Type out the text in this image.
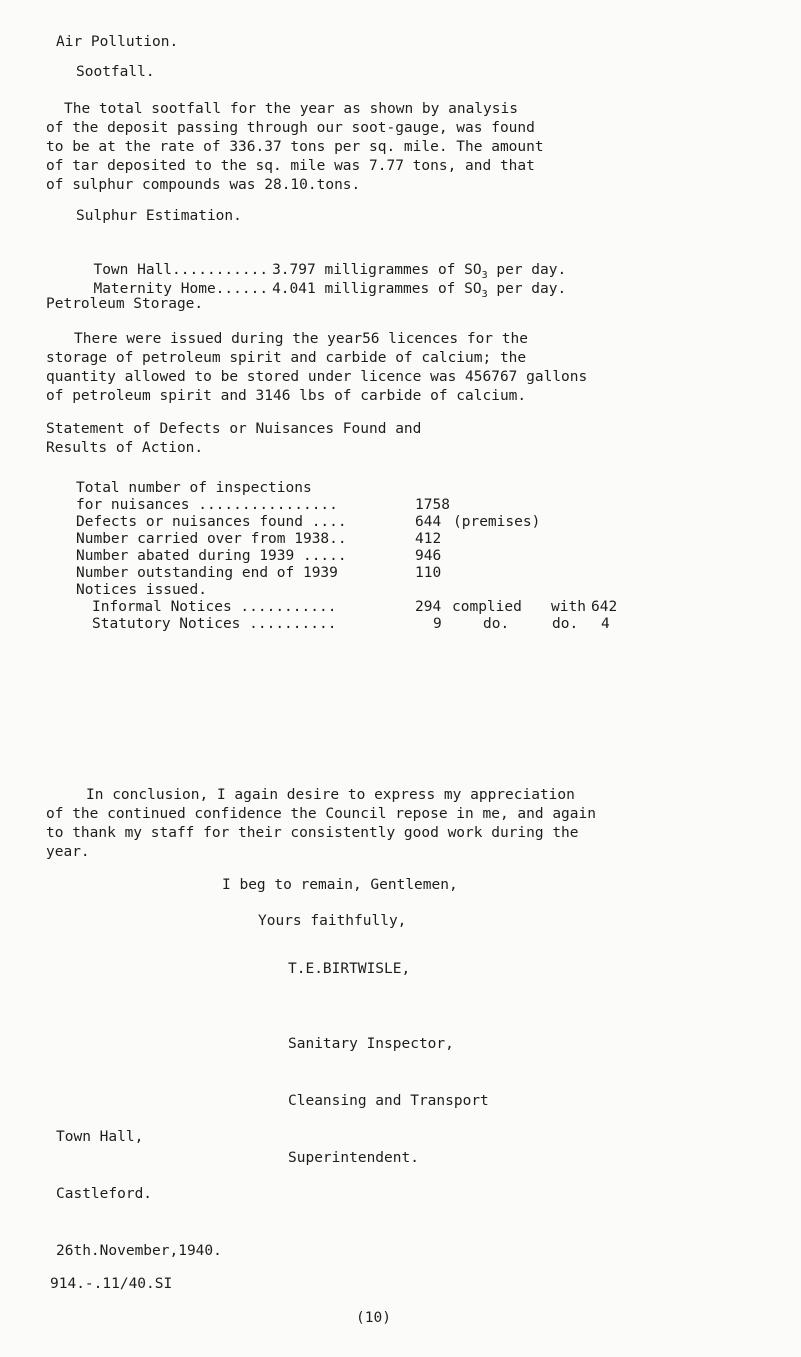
Air Pollution.
Sootfall.
The total sootfall for the year as shown by analysis
of the deposit passing through our soot-gauge, was found
to be at the rate of 336.37 tons per sq. mile. The amount
of tar deposited to the sq. mile was 7.77 tons, and that
of sulphur compounds was 28.10.tons.
Sulphur Estimation.

Town Hall........... 3.797 milligrammes of $SO_3$ per day.

Maternity Home...... 4.041 milligrammes of $SO_3$ per day.

Petroleum Storage.
There were issued during the year56 licences for the
storage of petroleum spirit and carbide of calcium; the
quantity allowed to be stored under licence was 456767 gallons
of petroleum spirit and 3146 lbs of carbide of calcium.
Statement of Defects or Nuisances Found and
Results of Action.
Total number of inspections
for nuisances ................	1758
Defects or nuisances found ....	644 (premises)
Number carried over from 1938..	412
Number abated during 1939 .....	946
Number outstanding end of 1939	110
Notices issued.
Informal Notices ...........	294 complied with 642
Statutory Notices ..........	9	do.	do. 4
In conclusion, I again desire to express my appreciation
of the continued confidence the Council repose in me, and again
to thank my staff for their consistently good work during the
year.
I beg to remain, Gentlemen,
Yours faithfully,
T.E.BIRTWISLE,

Sanitary Inspector,

Cleansing and Transport

Superintendent.

Town Hall,

Castleford.

26th.November,1940.

914.-.11/40.SI
(10)
